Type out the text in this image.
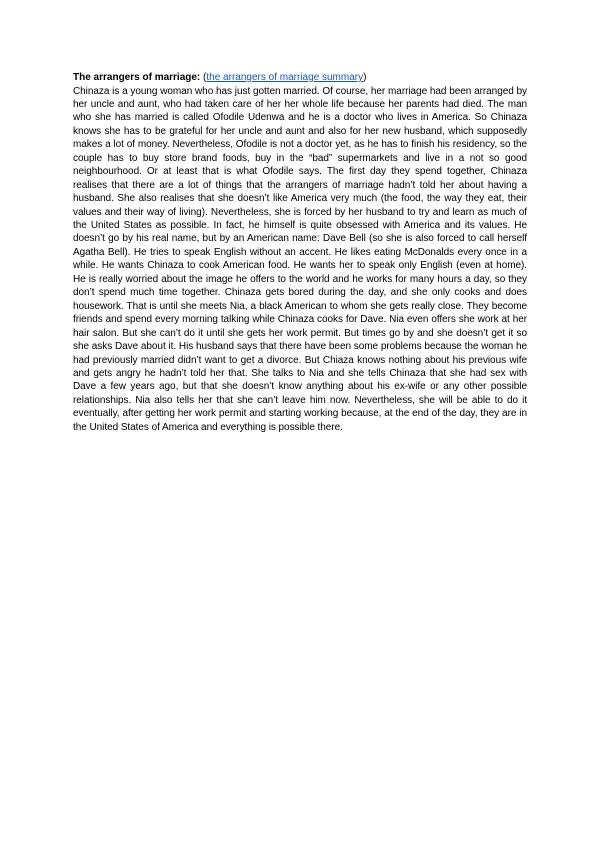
The arrangers of marriage: (the arrangers of marriage summary)

Chinaza is a young woman who has just gotten married. Of course, her marriage had been arranged by her uncle and aunt, who had taken care of her her whole life because her parents had died. The man who she has married is called Ofodile Udenwa and he is a doctor who lives in America. So Chinaza knows she has to be grateful for her uncle and aunt and also for her new husband, which supposedly makes a lot of money. Nevertheless, Ofodile is not a doctor yet, as he has to finish his residency, so the couple has to buy store brand foods, buy in the “bad” supermarkets and live in a not so good neighbourhood. Or at least that is what Ofodile says. The first day they spend together, Chinaza realises that there are a lot of things that the arrangers of marriage hadn’t told her about having a husband. She also realises that she doesn’t like America very much (the food, the way they eat, their values and their way of living). Nevertheless, she is forced by her husband to try and learn as much of the United States as possible. In fact, he himself is quite obsessed with America and its values. He doesn’t go by his real name, but by an American name: Dave Bell (so she is also forced to call herself Agatha Bell). He tries to speak English without an accent. He likes eating McDonalds every once in a while. He wants Chinaza to cook American food. He wants her to speak only English (even at home). He is really worried about the image he offers to the world and he works for many hours a day, so they don’t spend much time together. Chinaza gets bored during the day, and she only cooks and does housework. That is until she meets Nia, a black American to whom she gets really close. They become friends and spend every morning talking while Chinaza cooks for Dave. Nia even offers she work at her hair salon. But she can’t do it until she gets her work permit. But times go by and she doesn’t get it so she asks Dave about it. His husband says that there have been some problems because the woman he had previously married didn’t want to get a divorce. But Chiaza knows nothing about his previous wife and gets angry he hadn’t told her that. She talks to Nia and she tells Chinaza that she had sex with Dave a few years ago, but that she doesn’t know anything about his ex-wife or any other possible relationships. Nia also tells her that she can’t leave him now. Nevertheless, she will be able to do it eventually, after getting her work permit and starting working because, at the end of the day, they are in the United States of America and everything is possible there.
